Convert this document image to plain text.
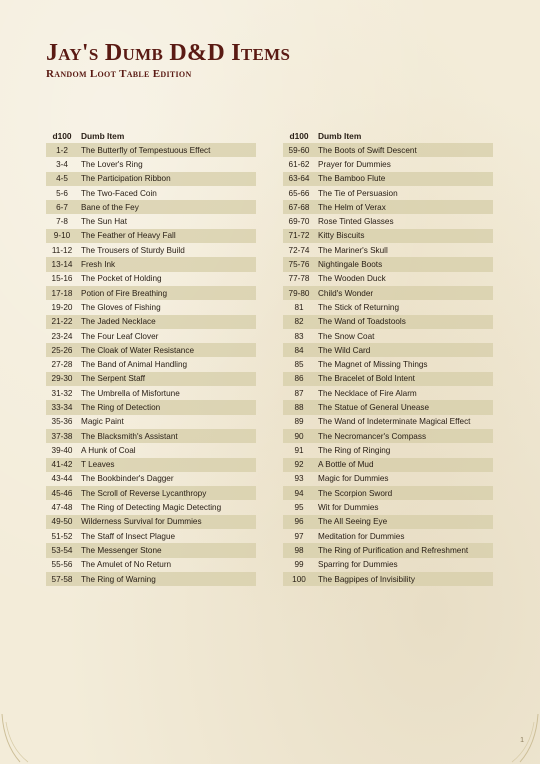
Jay's Dumb D&D Items
Random Loot Table Edition
d100	Dumb Item
1-2	The Butterfly of Tempestuous Effect
3-4	The Lover's Ring
4-5	The Participation Ribbon
5-6	The Two-Faced Coin
6-7	Bane of the Fey
7-8	The Sun Hat
9-10	The Feather of Heavy Fall
11-12	The Trousers of Sturdy Build
13-14	Fresh Ink
15-16	The Pocket of Holding
17-18	Potion of Fire Breathing
19-20	The Gloves of Fishing
21-22	The Jaded Necklace
23-24	The Four Leaf Clover
25-26	The Cloak of Water Resistance
27-28	The Band of Animal Handling
29-30	The Serpent Staff
31-32	The Umbrella of Misfortune
33-34	The Ring of Detection
35-36	Magic Paint
37-38	The Blacksmith's Assistant
39-40	A Hunk of Coal
41-42	T Leaves
43-44	The Bookbinder's Dagger
45-46	The Scroll of Reverse Lycanthropy
47-48	The Ring of Detecting Magic Detecting
49-50	Wilderness Survival for Dummies
51-52	The Staff of Insect Plague
53-54	The Messenger Stone
55-56	The Amulet of No Return
57-58	The Ring of Warning
d100	Dumb Item
59-60	The Boots of Swift Descent
61-62	Prayer for Dummies
63-64	The Bamboo Flute
65-66	The Tie of Persuasion
67-68	The Helm of Verax
69-70	Rose Tinted Glasses
71-72	Kitty Biscuits
72-74	The Mariner's Skull
75-76	Nightingale Boots
77-78	The Wooden Duck
79-80	Child's Wonder
81	The Stick of Returning
82	The Wand of Toadstools
83	The Snow Coat
84	The Wild Card
85	The Magnet of Missing Things
86	The Bracelet of Bold Intent
87	The Necklace of Fire Alarm
88	The Statue of General Unease
89	The Wand of Indeterminate Magical Effect
90	The Necromancer's Compass
91	The Ring of Ringing
92	A Bottle of Mud
93	Magic for Dummies
94	The Scorpion Sword
95	Wit for Dummies
96	The All Seeing Eye
97	Meditation for Dummies
98	The Ring of Purification and Refreshment
99	Sparring for Dummies
100	The Bagpipes of Invisibility
1
